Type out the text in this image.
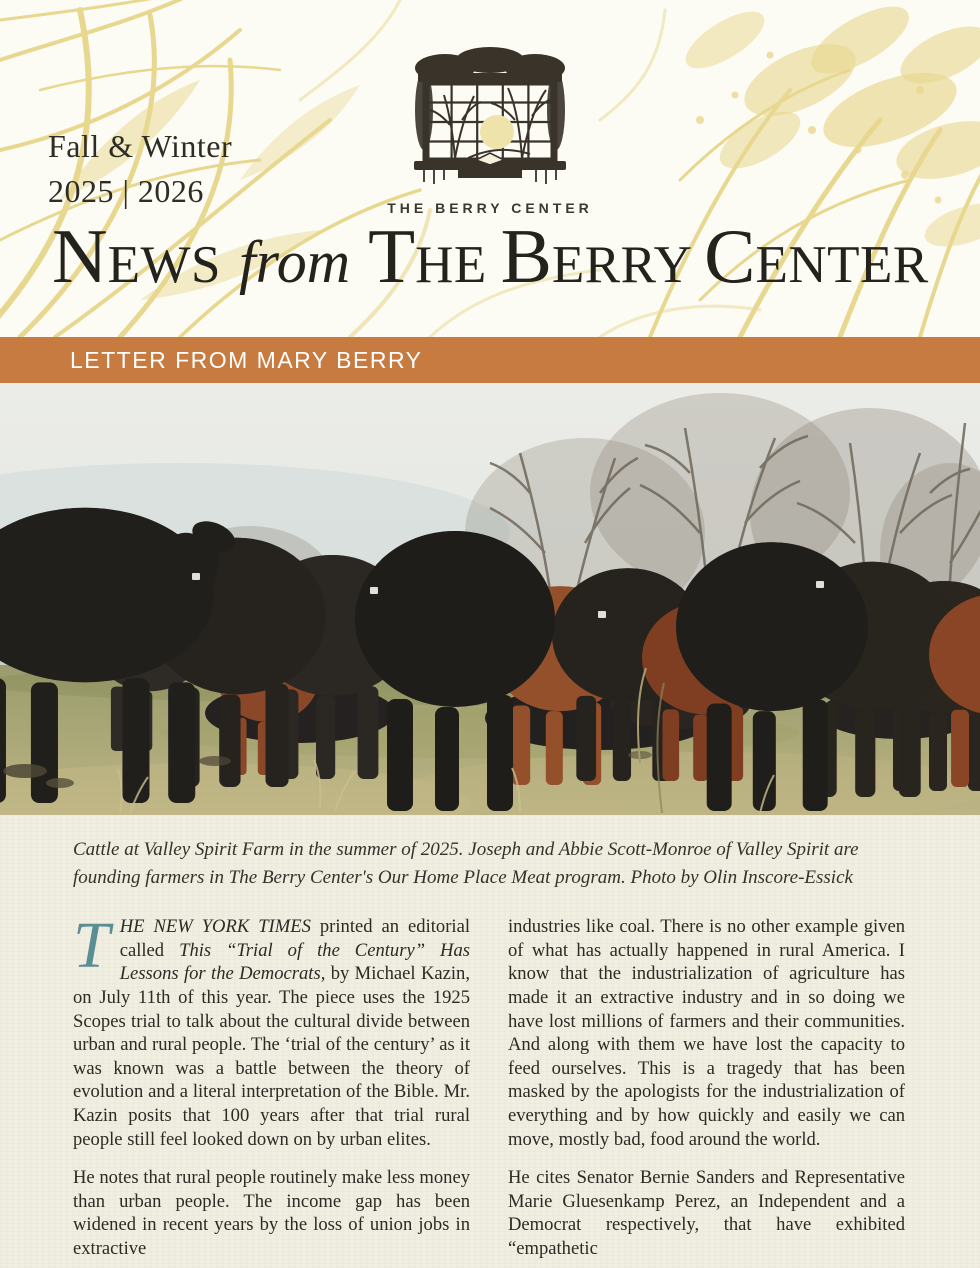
Fall & Winter
2025 | 2026	THE BERRY CENTER
NEWS from THE BERRY CENTER
LETTER FROM MARY BERRY
Cattle at Valley Spirit Farm in the summer of 2025. Joseph and Abbie Scott-Monroe of Valley Spirit are founding farmers in The Berry Center's Our Home Place Meat program. Photo by Olin Inscore-Essick

THE NEW YORK TIMES printed an editorial called This “Trial of the Century” Has Lessons for the Democrats, by Michael Kazin, on July 11th of this year. The piece uses the 1925 Scopes trial to talk about the cultural divide between urban and rural people. The ‘trial of the century’ as it was known was a battle between the theory of evolution and a literal interpretation of the Bible. Mr. Kazin posits that 100 years after that trial rural people still feel looked down on by urban elites.

He notes that rural people routinely make less money than urban people. The income gap has been widened in recent years by the loss of union jobs in extractive

industries like coal. There is no other example given of what has actually happened in rural America. I know that the industrialization of agriculture has made it an extractive industry and in so doing we have lost millions of farmers and their communities. And along with them we have lost the capacity to feed ourselves. This is a tragedy that has been masked by the apologists for the industrialization of everything and by how quickly and easily we can move, mostly bad, food around the world.

He cites Senator Bernie Sanders and Representative Marie Gluesenkamp Perez, an Independent and a Democrat respectively, that have exhibited “empathetic
